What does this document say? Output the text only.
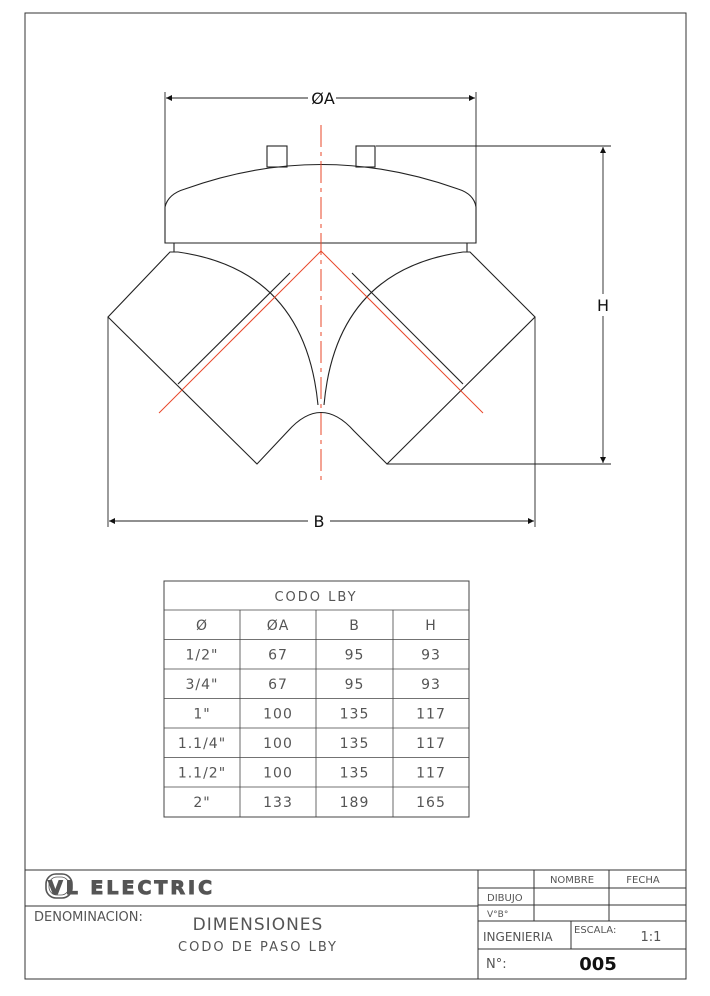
ØA
H
B
CODO LBY
Ø	ØA	B	H
1/2"	67	95	93
3/4"	67	95	93
1"	100	135	117
1.1/4"	100	135	117
1.1/2"	100	135	117
2"	133	189	165
VL ELECTRIC
DENOMINACION:	DIMENSIONES
CODO DE PASO LBY
NOMBRE	FECHA
DIBUJO
V°B°
INGENIERIA ESCALA: 1:1
N°:	005
